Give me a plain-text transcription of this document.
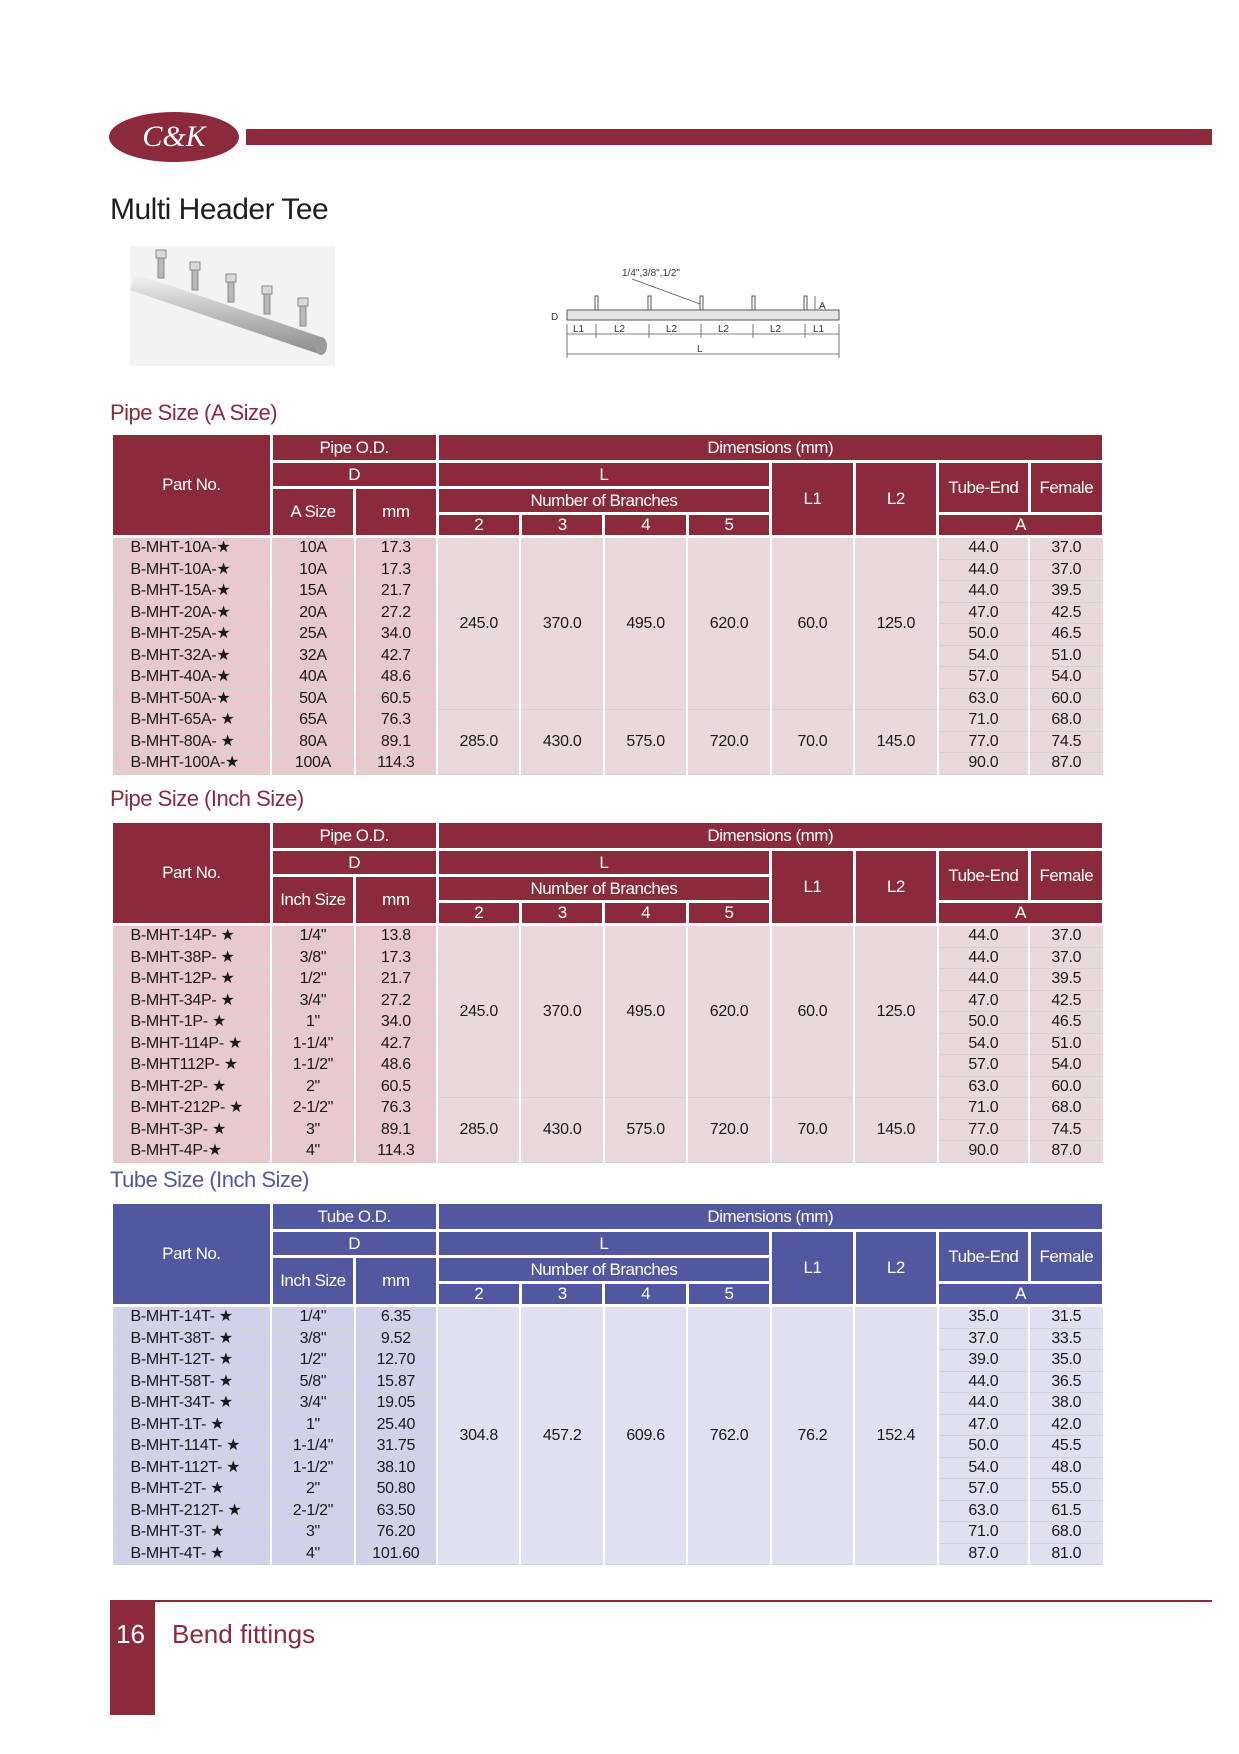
C&K
Multi Header Tee
1/4",3/8",1/2"
A
D
L1	L2	L2	L2	L2	L1
L
Pipe Size (A Size)
Pipe Size (Inch Size)
Tube Size (Inch Size)
Part No.	Pipe O.D.		Dimensions (mm)							
	D		L				L1	L2	Tube-End	Female
	A Size	mm	Number of Branches							
			2	3	4	5			A	
B-MHT-10A-★	10A	17.3	245.0	370.0	495.0	620.0	60.0	125.0	44.0	37.0
B-MHT-10A-★	10A	17.3							44.0	37.0
B-MHT-15A-★	15A	21.7							44.0	39.5
B-MHT-20A-★	20A	27.2							47.0	42.5
B-MHT-25A-★	25A	34.0							50.0	46.5
B-MHT-32A-★	32A	42.7							54.0	51.0
B-MHT-40A-★	40A	48.6							57.0	54.0
B-MHT-50A-★	50A	60.5							63.0	60.0
B-MHT-65A- ★	65A	76.3	285.0	430.0	575.0	720.0	70.0	145.0	71.0	68.0
B-MHT-80A- ★	80A	89.1							77.0	74.5
B-MHT-100A-★	100A	114.3							90.0	87.0
Part No.	Pipe O.D.		Dimensions (mm)							
	D		L				L1	L2	Tube-End	Female
	Inch Size	mm	Number of Branches							
			2	3	4	5			A	
B-MHT-14P- ★	1/4"	13.8	245.0	370.0	495.0	620.0	60.0	125.0	44.0	37.0
B-MHT-38P- ★	3/8"	17.3							44.0	37.0
B-MHT-12P- ★	1/2"	21.7							44.0	39.5
B-MHT-34P- ★	3/4"	27.2							47.0	42.5
B-MHT-1P- ★	1"	34.0							50.0	46.5
B-MHT-114P- ★	1-1/4"	42.7							54.0	51.0
B-MHT112P- ★	1-1/2"	48.6							57.0	54.0
B-MHT-2P- ★	2"	60.5							63.0	60.0
B-MHT-212P- ★	2-1/2"	76.3	285.0	430.0	575.0	720.0	70.0	145.0	71.0	68.0
B-MHT-3P- ★	3"	89.1							77.0	74.5
B-MHT-4P-★	4"	114.3							90.0	87.0
Part No.	Tube O.D.		Dimensions (mm)							
	D		L				L1	L2	Tube-End	Female
	Inch Size	mm	Number of Branches							
			2	3	4	5			A	
B-MHT-14T- ★	1/4"	6.35	304.8	457.2	609.6	762.0	76.2	152.4	35.0	31.5
B-MHT-38T- ★	3/8"	9.52							37.0	33.5
B-MHT-12T- ★	1/2"	12.70							39.0	35.0
B-MHT-58T- ★	5/8"	15.87							44.0	36.5
B-MHT-34T- ★	3/4"	19.05							44.0	38.0
B-MHT-1T- ★	1"	25.40							47.0	42.0
B-MHT-114T- ★	1-1/4"	31.75							50.0	45.5
B-MHT-112T- ★	1-1/2"	38.10							54.0	48.0
B-MHT-2T- ★	2"	50.80							57.0	55.0
B-MHT-212T- ★	2-1/2"	63.50							63.0	61.5
B-MHT-3T- ★	3"	76.20							71.0	68.0
B-MHT-4T- ★	4"	101.60							87.0	81.0
16 Bend fittings
